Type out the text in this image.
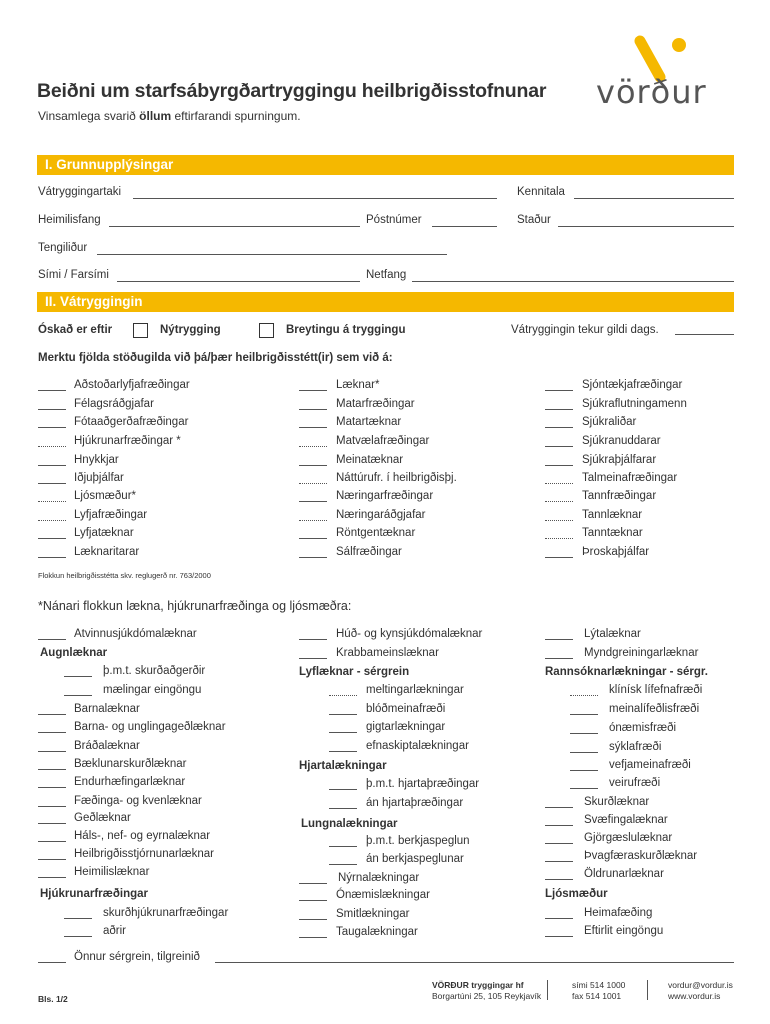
Beiðni um starfsábyrgðartryggingu heilbrigðisstofnunar
Vinsamlega svarið öllum eftirfarandi spurningum.
vörður
I. Grunnupplýsingar
Vátryggingartaki	Kennitala
Heimilisfang	Póstnúmer	Staður
Tengiliður
Sími / Farsími	Netfang
II. Vátryggingin
Óskað er eftir	Nýtrygging	Breytingu á tryggingu	Vátryggingin tekur gildi dags.
Merktu fjölda stöðugilda við þá/þær heilbrigðisstétt(ir) sem við á:
Aðstoðarlyfjafræðingar
Félagsráðgjafar
Fótaaðgerðafræðingar
Hjúkrunarfræðingar *
Hnykkjar
Iðjuþjálfar
Ljósmæður*
Lyfjafræðingar
Lyfjatæknar
Læknaritarar
Læknar*
Matarfræðingar
Matartæknar
Matvælafræðingar
Meinatæknar
Náttúrufr. í heilbrigðisþj.
Næringarfræðingar
Næringaráðgjafar
Röntgentæknar
Sálfræðingar
Sjóntækjafræðingar
Sjúkraflutningamenn
Sjúkraliðar
Sjúkranuddarar
Sjúkraþjálfarar
Talmeinafræðingar
Tannfræðingar
Tannlæknar
Tanntæknar
Þroskaþjálfar
Flokkun heilbrigðisstétta skv. reglugerð nr. 763/2000
*Nánari flokkun lækna, hjúkrunarfræðinga og ljósmæðra:
Atvinnusjúkdómalæknar
Augnlæknar
þ.m.t. skurðaðgerðir
mælingar eingöngu
Barnalæknar
Barna- og unglingageðlæknar
Bráðalæknar
Bæklunarskurðlæknar
Endurhæfingarlæknar
Fæðinga- og kvenlæknar
Geðlæknar
Háls-, nef- og eyrnalæknar
Heilbrigðisstjórnunarlæknar
Heimilislæknar
Hjúkrunarfræðingar
skurðhjúkrunarfræðingar
aðrir
Önnur sérgrein, tilgreinið
Húð- og kynsjúkdómalæknar
Krabbameinslæknar
Lyflæknar - sérgrein
meltingarlækningar
blóðmeinafræði
gigtarlækningar
efnaskiptalækningar
Hjartalækningar
þ.m.t. hjartaþræðingar
án hjartaþræðingar
Lungnalækningar
þ.m.t. berkjaspeglun
án berkjaspeglunar
Nýrnalækningar
Ónæmislækningar
Smitlækningar
Taugalækningar
Lýtalæknar
Myndgreiningarlæknar
Rannsóknarlækningar - sérgr.
klínísk lífefnafræði
meinalífeðlisfræði
ónæmisfræði
sýklafræði
vefjameinafræði
veirufræði
Skurðlæknar
Svæfingalæknar
Gjörgæslulæknar
Þvagfæraskurðlæknar
Öldrunarlæknar
Ljósmæður
Heimafæðing
Eftirlit eingöngu
Bls. 1/2
VÖRÐUR tryggingar hf
Borgartúni 25, 105 Reykjavík
sími 514 1000
fax 514 1001
vordur@vordur.is
www.vordur.is
